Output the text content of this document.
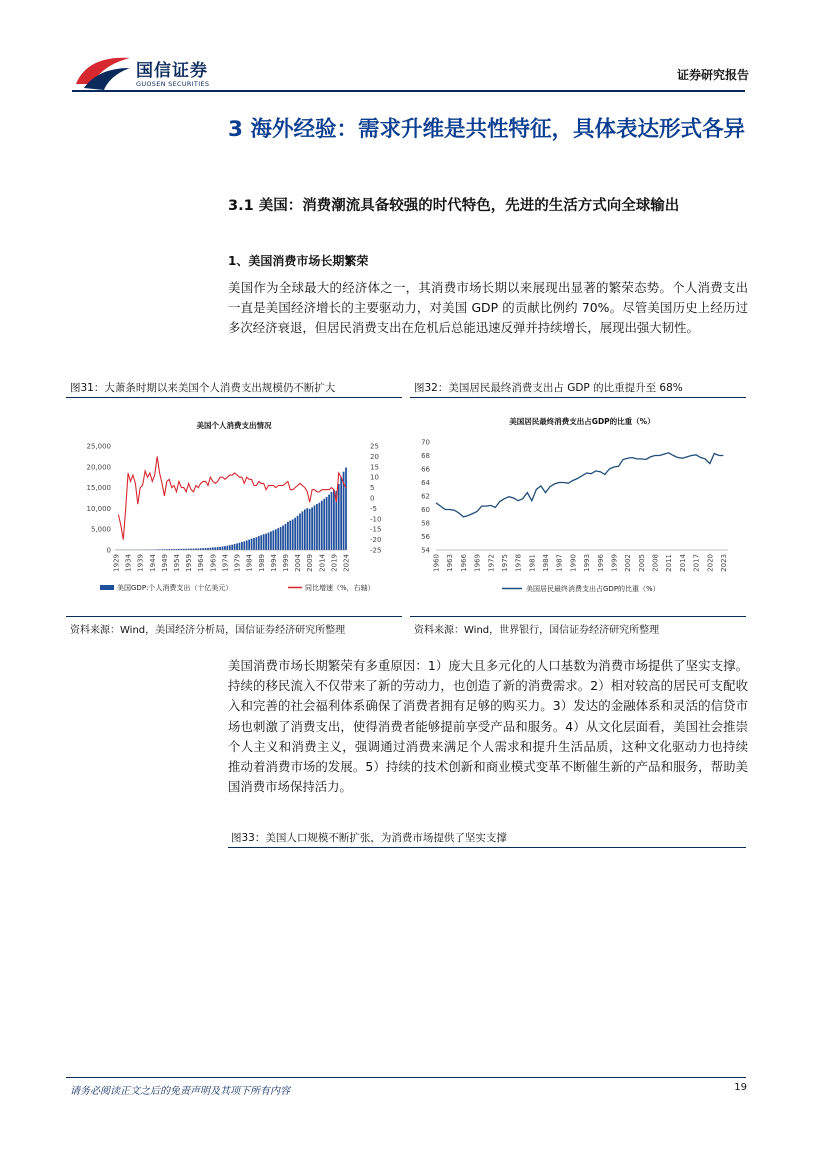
国信证券
GUOSEN SECURITIES
证券研究报告
3 海外经验：需求升维是共性特征，具体表达形式各异
3.1 美国：消费潮流具备较强的时代特色，先进的生活方式向全球输出
1、美国消费市场长期繁荣

美国作为全球最大的经济体之一，其消费市场长期以来展现出显著的繁荣态势。个人消费支出一直是美国经济增长的主要驱动力，对美国 GDP 的贡献比例约 70%。尽管美国历史上经历过多次经济衰退，但居民消费支出在危机后总能迅速反弹并持续增长，展现出强大韧性。

图31：大萧条时期以来美国个人消费支出规模仍不断扩大
美国个人消费支出情况
25,000
20,000
15,000
10,000
5,000
0
25
20
15
10
5
0
-5
-10
-15
-20
-25
1929 1934 1939 1944 1949 1954 1959 1964 1969 1974 1979 1984 1989 1994 1999 2004 2009 2014 2019 2024
美国GDP:个人消费支出（十亿美元）	同比增速（%，右轴）
资料来源：Wind，美国经济分析局，国信证券经济研究所整理
图32：美国居民最终消费支出占 GDP 的比重提升至 68%
美国居民最终消费支出占GDP的比重（%）
70
68
66
64
62
60
58
56
54
1960 1963 1966 1969 1972 1975 1978 1981 1984 1987 1990 1993 1996 1999 2002 2005 2008 2011 2014 2017 2020 2023
美国居民最终消费支出占GDP的比重（%）
资料来源：Wind，世界银行，国信证券经济研究所整理

美国消费市场长期繁荣有多重原因：1）庞大且多元化的人口基数为消费市场提供了坚实支撑。持续的移民流入不仅带来了新的劳动力，也创造了新的消费需求。2）相对较高的居民可支配收入和完善的社会福利体系确保了消费者拥有足够的购买力。3）发达的金融体系和灵活的信贷市场也刺激了消费支出，使得消费者能够提前享受产品和服务。4）从文化层面看，美国社会推崇个人主义和消费主义，强调通过消费来满足个人需求和提升生活品质，这种文化驱动力也持续推动着消费市场的发展。5）持续的技术创新和商业模式变革不断催生新的产品和服务，帮助美国消费市场保持活力。

图33：美国人口规模不断扩张，为消费市场提供了坚实支撑
请务必阅读正文之后的免责声明及其项下所有内容	19
